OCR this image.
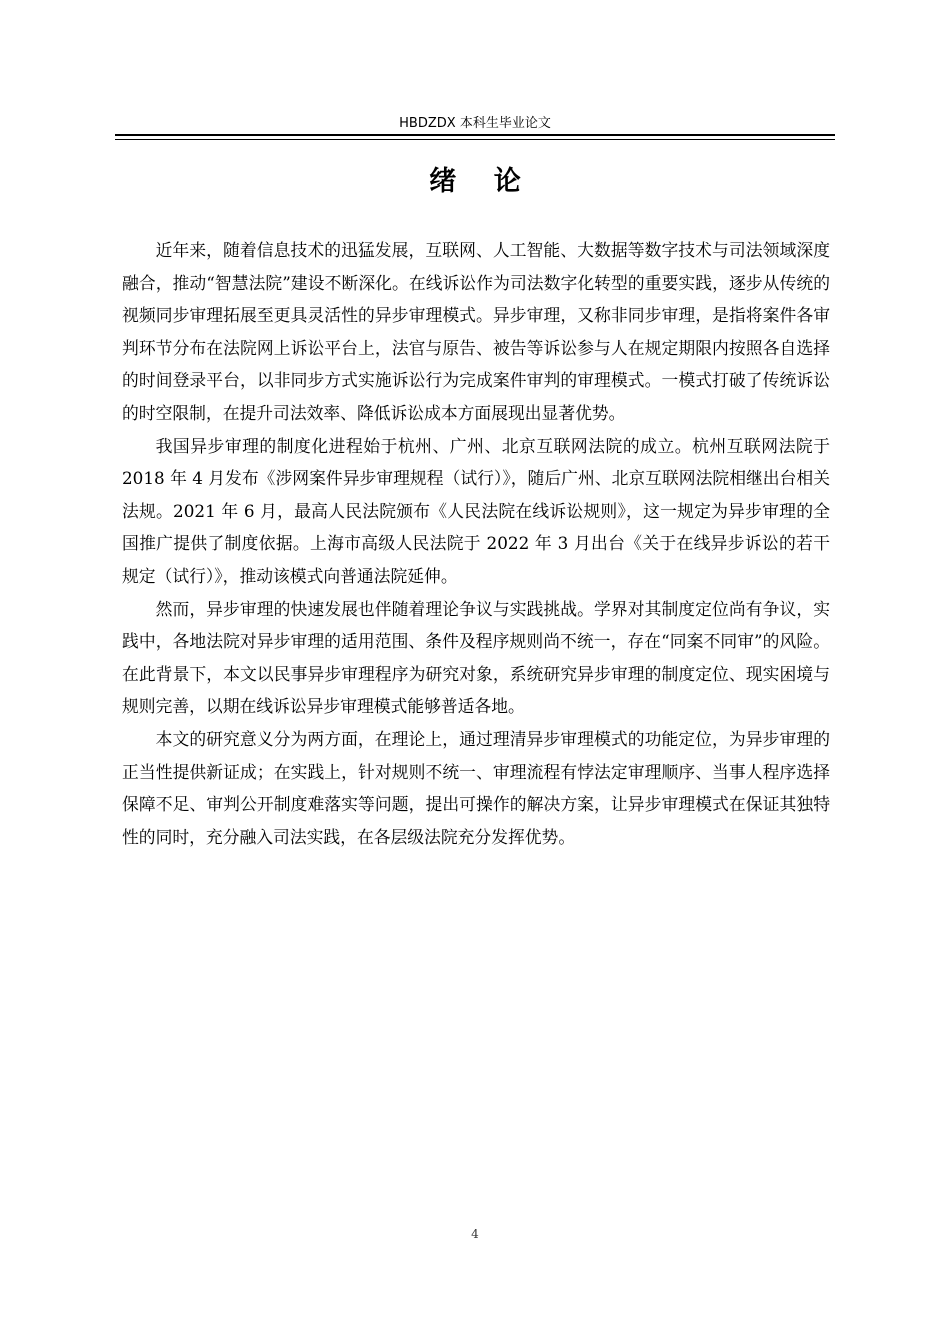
HBDZDX 本科生毕业论文
绪    论

近年来，随着信息技术的迅猛发展，互联网、人工智能、大数据等数字技术与司法领域深度融合，推动“智慧法院”建设不断深化。在线诉讼作为司法数字化转型的重要实践，逐步从传统的视频同步审理拓展至更具灵活性的异步审理模式。异步审理，又称非同步审理，是指将案件各审判环节分布在法院网上诉讼平台上，法官与原告、被告等诉讼参与人在规定期限内按照各自选择的时间登录平台，以非同步方式实施诉讼行为完成案件审判的审理模式。一模式打破了传统诉讼的时空限制，在提升司法效率、降低诉讼成本方面展现出显著优势。

我国异步审理的制度化进程始于杭州、广州、北京互联网法院的成立。杭州互联网法院于 2018 年 4 月发布《涉网案件异步审理规程（试行）》，随后广州、北京互联网法院相继出台相关法规。2021 年 6 月，最高人民法院颁布《人民法院在线诉讼规则》，这一规定为异步审理的全国推广提供了制度依据。上海市高级人民法院于 2022 年 3 月出台《关于在线异步诉讼的若干规定（试行）》，推动该模式向普通法院延伸。

然而，异步审理的快速发展也伴随着理论争议与实践挑战。学界对其制度定位尚有争议，实践中，各地法院对异步审理的适用范围、条件及程序规则尚不统一，存在“同案不同审”的风险。在此背景下，本文以民事异步审理程序为研究对象，系统研究异步审理的制度定位、现实困境与规则完善，以期在线诉讼异步审理模式能够普适各地。

本文的研究意义分为两方面，在理论上，通过理清异步审理模式的功能定位，为异步审理的正当性提供新证成；在实践上，针对规则不统一、审理流程有悖法定审理顺序、当事人程序选择保障不足、审判公开制度难落实等问题，提出可操作的解决方案，让异步审理模式在保证其独特性的同时，充分融入司法实践，在各层级法院充分发挥优势。

4
